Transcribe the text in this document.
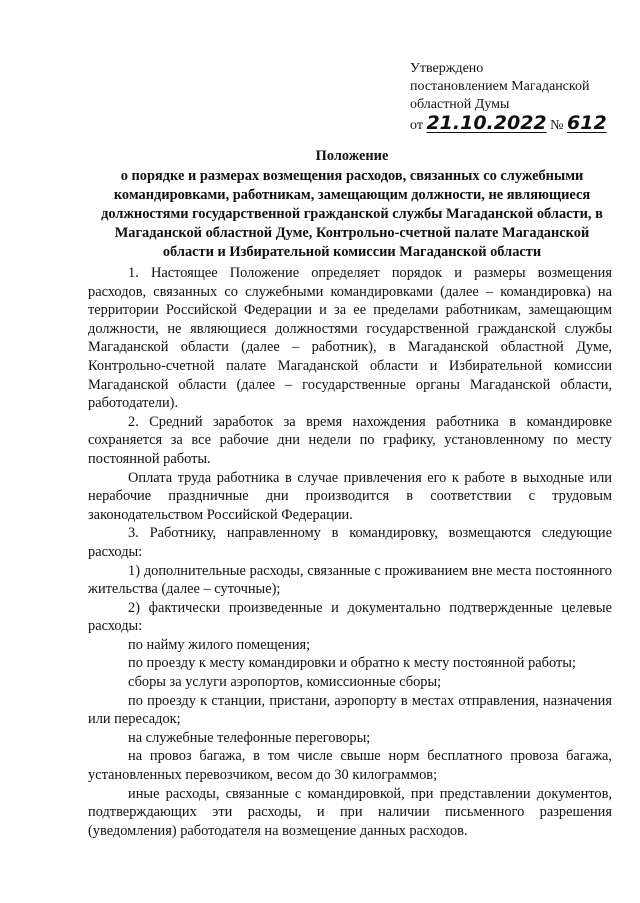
Утверждено
постановлением Магаданской
областной Думы
от 21.10.2022 № 612
Положение
о порядке и размерах возмещения расходов, связанных со служебными командировками, работникам, замещающим должности, не являющиеся должностями государственной гражданской службы Магаданской области, в Магаданской областной Думе, Контрольно-счетной палате Магаданской области и Избирательной комиссии Магаданской области

1. Настоящее Положение определяет порядок и размеры возмещения расходов, связанных со служебными командировками (далее – командировка) на территории Российской Федерации и за ее пределами работникам, замещающим должности, не являющиеся должностями государственной гражданской службы Магаданской области (далее – работник), в Магаданской областной Думе, Контрольно-счетной палате Магаданской области и Избирательной комиссии Магаданской области (далее – государственные органы Магаданской области, работодатели).

2. Средний заработок за время нахождения работника в командировке сохраняется за все рабочие дни недели по графику, установленному по месту постоянной работы.

Оплата труда работника в случае привлечения его к работе в выходные или нерабочие праздничные дни производится в соответствии с трудовым законодательством Российской Федерации.

3. Работнику, направленному в командировку, возмещаются следующие расходы:

1) дополнительные расходы, связанные с проживанием вне места постоянного жительства (далее – суточные);

2) фактически произведенные и документально подтвержденные целевые расходы:

по найму жилого помещения;

по проезду к месту командировки и обратно к месту постоянной работы;

сборы за услуги аэропортов, комиссионные сборы;

по проезду к станции, пристани, аэропорту в местах отправления, назначения или пересадок;

на служебные телефонные переговоры;

на провоз багажа, в том числе свыше норм бесплатного провоза багажа, установленных перевозчиком, весом до 30 килограммов;

иные расходы, связанные с командировкой, при представлении документов, подтверждающих эти расходы, и при наличии письменного разрешения (уведомления) работодателя на возмещение данных расходов.
